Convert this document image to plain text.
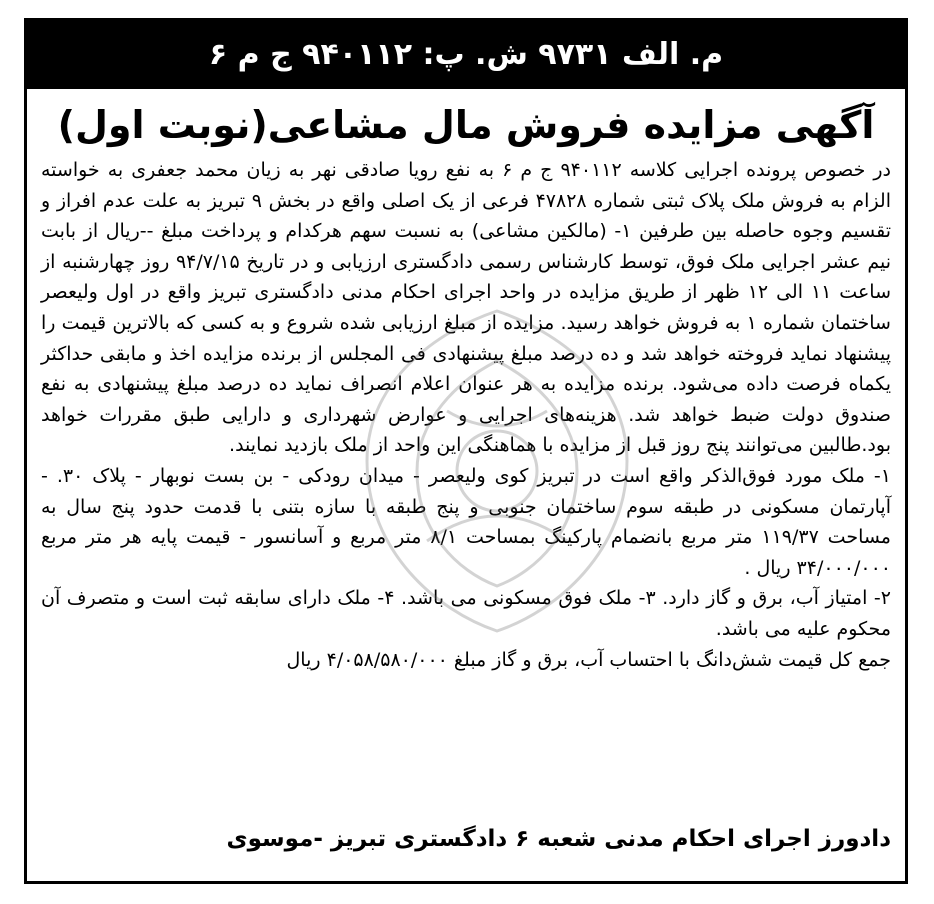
م. الف ۹۷۳۱ ش. پ: ۹۴۰۱۱۲ ج م ۶
آگهی مزایده فروش مال مشاعی(نوبت اول)

در خصوص پرونده اجرایی کلاسه ۹۴۰۱۱۲ ج م ۶ به نفع رویا صادقی نهر به زیان محمد جعفری به خواسته الزام به فروش ملک پلاک ثبتی شماره ۴۷۸۲۸ فرعی از یک اصلی واقع در بخش ۹ تبریز به علت عدم افراز و تقسیم وجوه حاصله بین طرفین ۱- (مالکین مشاعی) به نسبت سهم هرکدام و پرداخت مبلغ --ریال از بابت نیم عشر اجرایی ملک فوق، توسط کارشناس رسمی دادگستری ارزیابی و در تاریخ ۹۴/۷/۱۵ روز چهارشنبه از ساعت ۱۱ الی ۱۲ ظهر از طریق مزایده در واحد اجرای احکام مدنی دادگستری تبریز واقع در اول ولیعصر ساختمان شماره ۱ به فروش خواهد رسید. مزایده از مبلغ ارزیابی شده شروع و به کسی که بالاترین قیمت را پیشنهاد نماید فروخته خواهد شد و ده درصد مبلغ پیشنهادی فی المجلس از برنده مزایده اخذ و مابقی حداکثر یکماه فرصت داده می‌شود. برنده مزایده به هر عنوان اعلام انصراف نماید ده درصد مبلغ پیشنهادی به نفع صندوق دولت ضبط خواهد شد. هزینه‌های اجرایی و عوارض شهرداری و دارایی طبق مقررات خواهد بود.طالبین می‌توانند پنج روز قبل از مزایده با هماهنگی این واحد از ملک بازدید نمایند.

۱- ملک مورد فوق‌الذکر واقع است در تبریز کوی ولیعصر - میدان رودکی - بن بست نوبهار - پلاک ۳۰. - آپارتمان مسکونی در طبقه سوم ساختمان جنوبی و پنج طبقه با سازه بتنی با قدمت حدود پنج سال به مساحت ۱۱۹/۳۷ متر مربع بانضمام پارکینگ بمساحت ۸/۱ متر مربع و آسانسور - قیمت پایه هر متر مربع ۳۴/۰۰۰/۰۰۰ ریال .

۲- امتیاز آب، برق و گاز دارد. ۳- ملک فوق مسکونی می باشد. ۴- ملک دارای سابقه ثبت است و متصرف آن محکوم علیه می باشد.

جمع کل قیمت شش‌دانگ با احتساب آب، برق و گاز مبلغ ۴/۰۵۸/۵۸۰/۰۰۰ ریال

دادورز اجرای احکام مدنی شعبه ۶ دادگستری تبریز -موسوی
